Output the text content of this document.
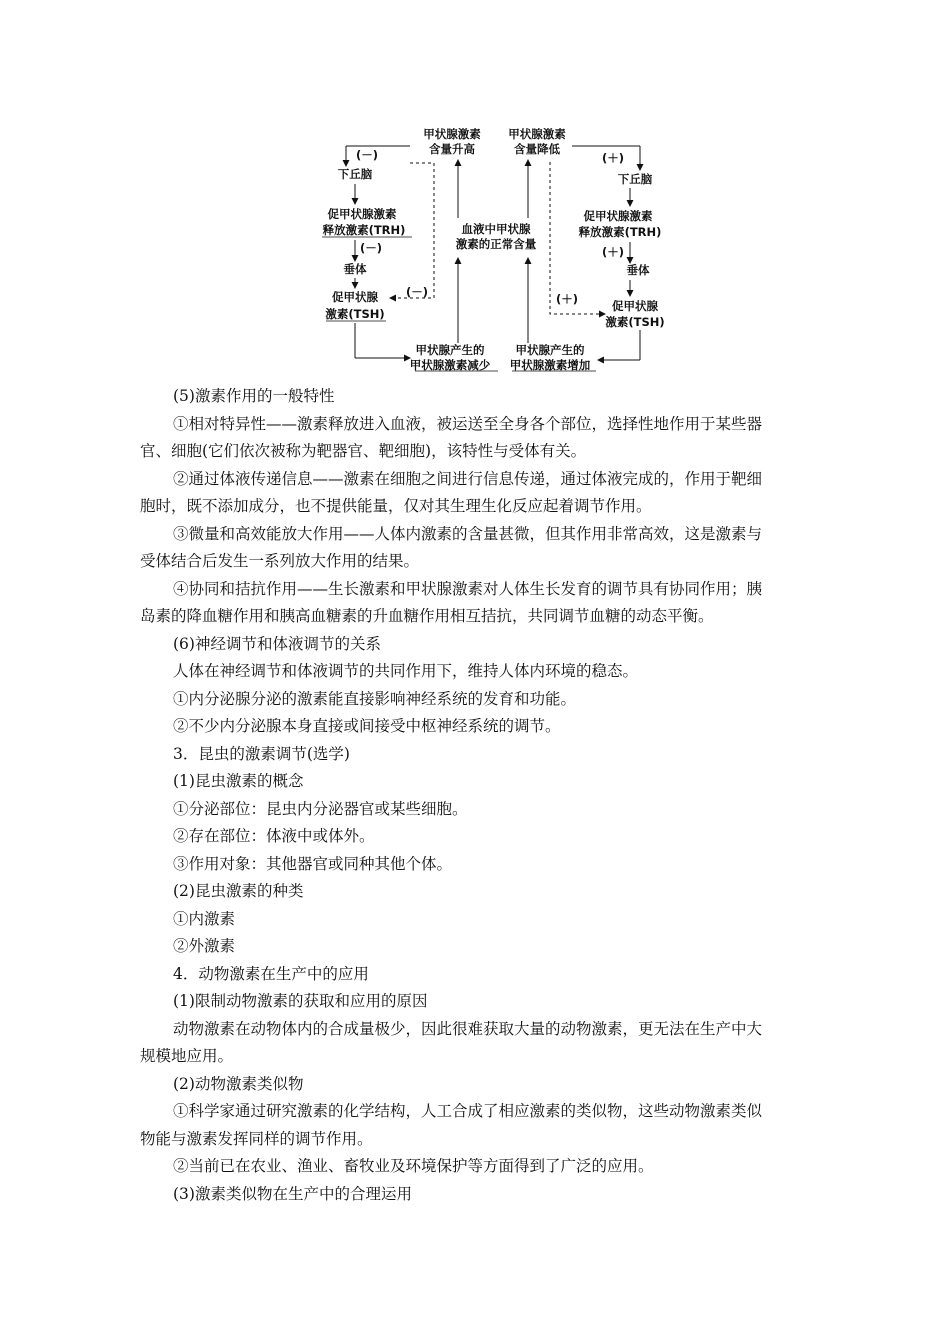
甲状腺激素
含量升高
甲状腺激素
含量降低
血液中甲状腺
激素的正常含量
甲状腺产生的
甲状腺激素减少
甲状腺产生的
甲状腺激素增加
下丘脑
促甲状腺激素
释放激素(TRH)
垂体
促甲状腺
激素(TSH)
下丘脑
促甲状腺激素
释放激素(TRH)
垂体
促甲状腺
激素(TSH)
(－)
(－)
(－)
(＋)
(＋)
(＋)
(5)激素作用的一般特性
①相对特异性——激素释放进入血液，被运送至全身各个部位，选择性地作用于某些器
官、细胞(它们依次被称为靶器官、靶细胞)，该特性与受体有关。
②通过体液传递信息——激素在细胞之间进行信息传递，通过体液完成的，作用于靶细
胞时，既不添加成分，也不提供能量，仅对其生理生化反应起着调节作用。
③微量和高效能放大作用——人体内激素的含量甚微，但其作用非常高效，这是激素与
受体结合后发生一系列放大作用的结果。
④协同和拮抗作用——生长激素和甲状腺激素对人体生长发育的调节具有协同作用；胰
岛素的降血糖作用和胰高血糖素的升血糖作用相互拮抗，共同调节血糖的动态平衡。
(6)神经调节和体液调节的关系
人体在神经调节和体液调节的共同作用下，维持人体内环境的稳态。
①内分泌腺分泌的激素能直接影响神经系统的发育和功能。
②不少内分泌腺本身直接或间接受中枢神经系统的调节。
3．昆虫的激素调节(选学)
(1)昆虫激素的概念
①分泌部位：昆虫内分泌器官或某些细胞。
②存在部位：体液中或体外。
③作用对象：其他器官或同种其他个体。
(2)昆虫激素的种类
①内激素
②外激素
4．动物激素在生产中的应用
(1)限制动物激素的获取和应用的原因
动物激素在动物体内的合成量极少，因此很难获取大量的动物激素，更无法在生产中大
规模地应用。
(2)动物激素类似物
①科学家通过研究激素的化学结构，人工合成了相应激素的类似物，这些动物激素类似
物能与激素发挥同样的调节作用。
②当前已在农业、渔业、畜牧业及环境保护等方面得到了广泛的应用。
(3)激素类似物在生产中的合理运用
